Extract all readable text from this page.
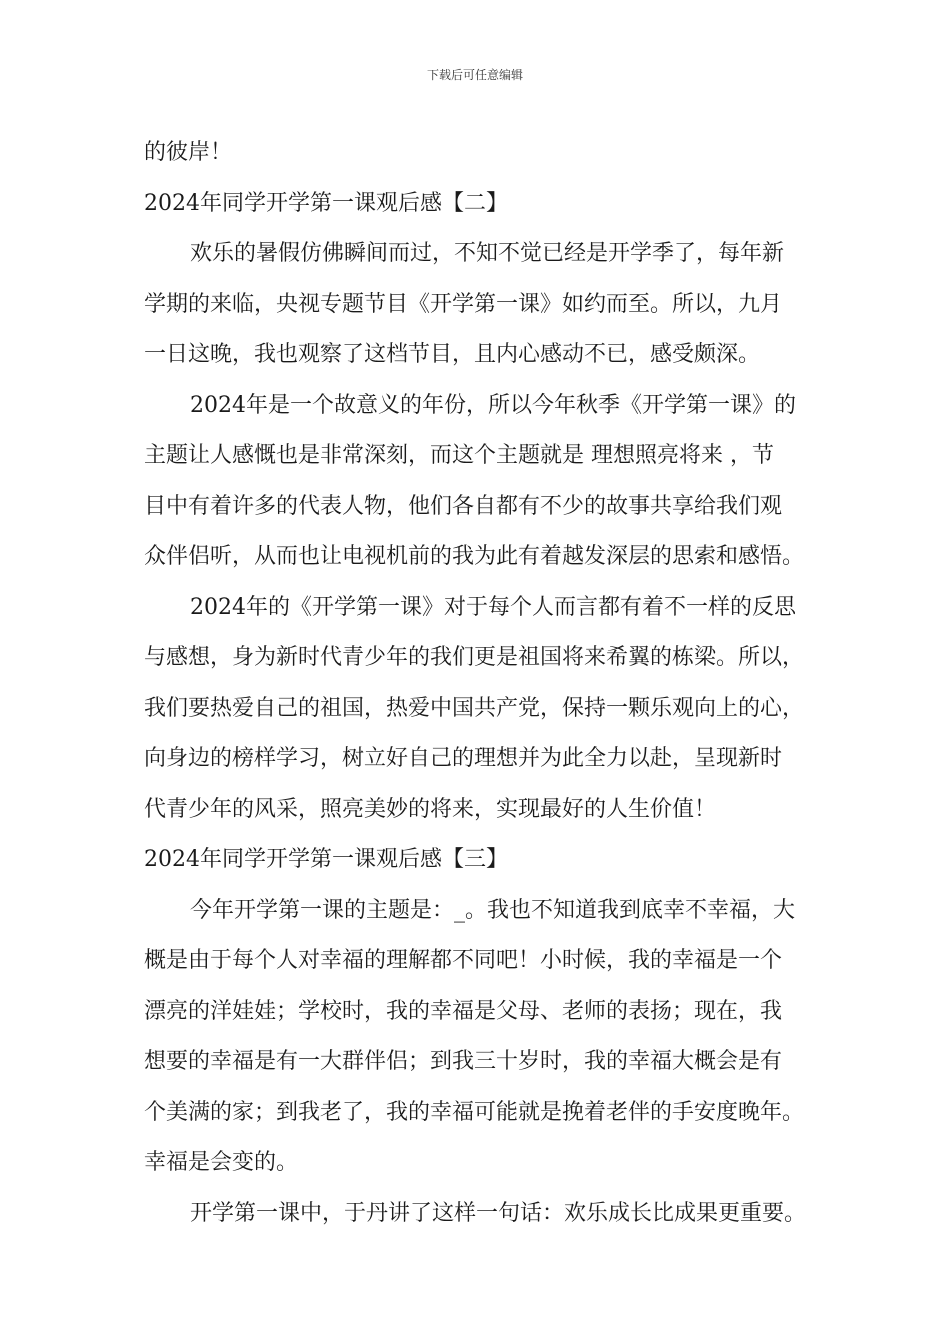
下载后可任意编辑
的彼岸！
2024年同学开学第一课观后感【二】
欢乐的暑假仿佛瞬间而过，不知不觉已经是开学季了，每年新
学期的来临，央视专题节目《开学第一课》如约而至。所以，九月
一日这晚，我也观察了这档节目，且内心感动不已，感受颇深。
2024年是一个故意义的年份，所以今年秋季《开学第一课》的
主题让人感慨也是非常深刻，而这个主题就是 理想照亮将来 ，节
目中有着许多的代表人物，他们各自都有不少的故事共享给我们观
众伴侣听，从而也让电视机前的我为此有着越发深层的思索和感悟。
2024年的《开学第一课》对于每个人而言都有着不一样的反思
与感想，身为新时代青少年的我们更是祖国将来希翼的栋梁。所以，
我们要热爱自己的祖国，热爱中国共产党，保持一颗乐观向上的心，
向身边的榜样学习，树立好自己的理想并为此全力以赴，呈现新时
代青少年的风采，照亮美妙的将来，实现最好的人生价值！
2024年同学开学第一课观后感【三】
今年开学第一课的主题是：_。我也不知道我到底幸不幸福，大
概是由于每个人对幸福的理解都不同吧！小时候，我的幸福是一个
漂亮的洋娃娃；学校时，我的幸福是父母、老师的表扬；现在，我
想要的幸福是有一大群伴侣；到我三十岁时，我的幸福大概会是有
个美满的家；到我老了，我的幸福可能就是挽着老伴的手安度晚年。
幸福是会变的。
开学第一课中，于丹讲了这样一句话：欢乐成长比成果更重要。
